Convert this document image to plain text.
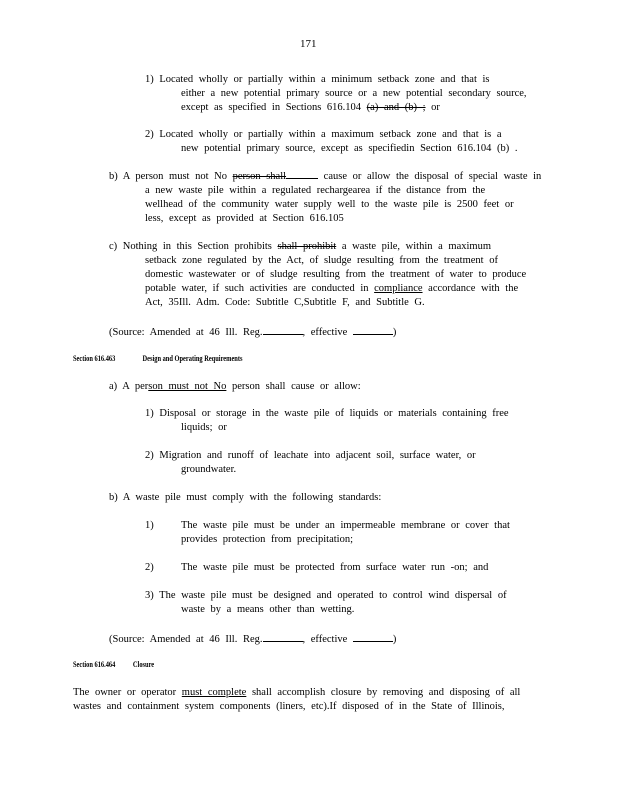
171
1) Located wholly or partially within a minimum setback zone and that is
either a new potential primary source or a new potential secondary source,
except as specified in Sections 616.104 (a) and (b) ; or
2) Located wholly or partially within a maximum setback zone and that is a
new potential primary source, except as specifiedin Section 616.104 (b) .
b) A person must not No person shall	cause or allow the disposal of special waste in
a new waste pile within a regulated rechargearea if the distance from the
wellhead of the community water supply well to the waste pile is 2500 feet or
less, except as provided at Section 616.105
c) Nothing in this Section prohibits shall prohibit a waste pile, within a maximum
setback zone regulated by the Act, of sludge resulting from the treatment of
domestic wastewater or of sludge resulting from the treatment of water to produce
potable water, if such activities are conducted in compliance accordance with the
Act, 35Ill. Adm. Code: Subtitle C,Subtitle F, and Subtitle G.
(Source: Amended at 46 Ill. Reg.	, effective	)
Section 616.463	Design and Operating Requirements
a) A person must not No person shall cause or allow:
1) Disposal or storage in the waste pile of liquids or materials containing free
liquids; or
2) Migration and runoff of leachate into adjacent soil, surface water, or
groundwater.
b) A waste pile must comply with the following standards:
1)	The waste pile must be under an impermeable membrane or cover that
provides protection from precipitation;
2)	The waste pile must be protected from surface water run -on; and
3) The waste pile must be designed and operated to control wind dispersal of
waste by a means other than wetting.
(Source: Amended at 46 Ill. Reg.	, effective	)
Section 616.464 Closure
The owner or operator must complete shall accomplish closure by removing and disposing of all
wastes and containment system components (liners, etc).If disposed of in the State of Illinois,
